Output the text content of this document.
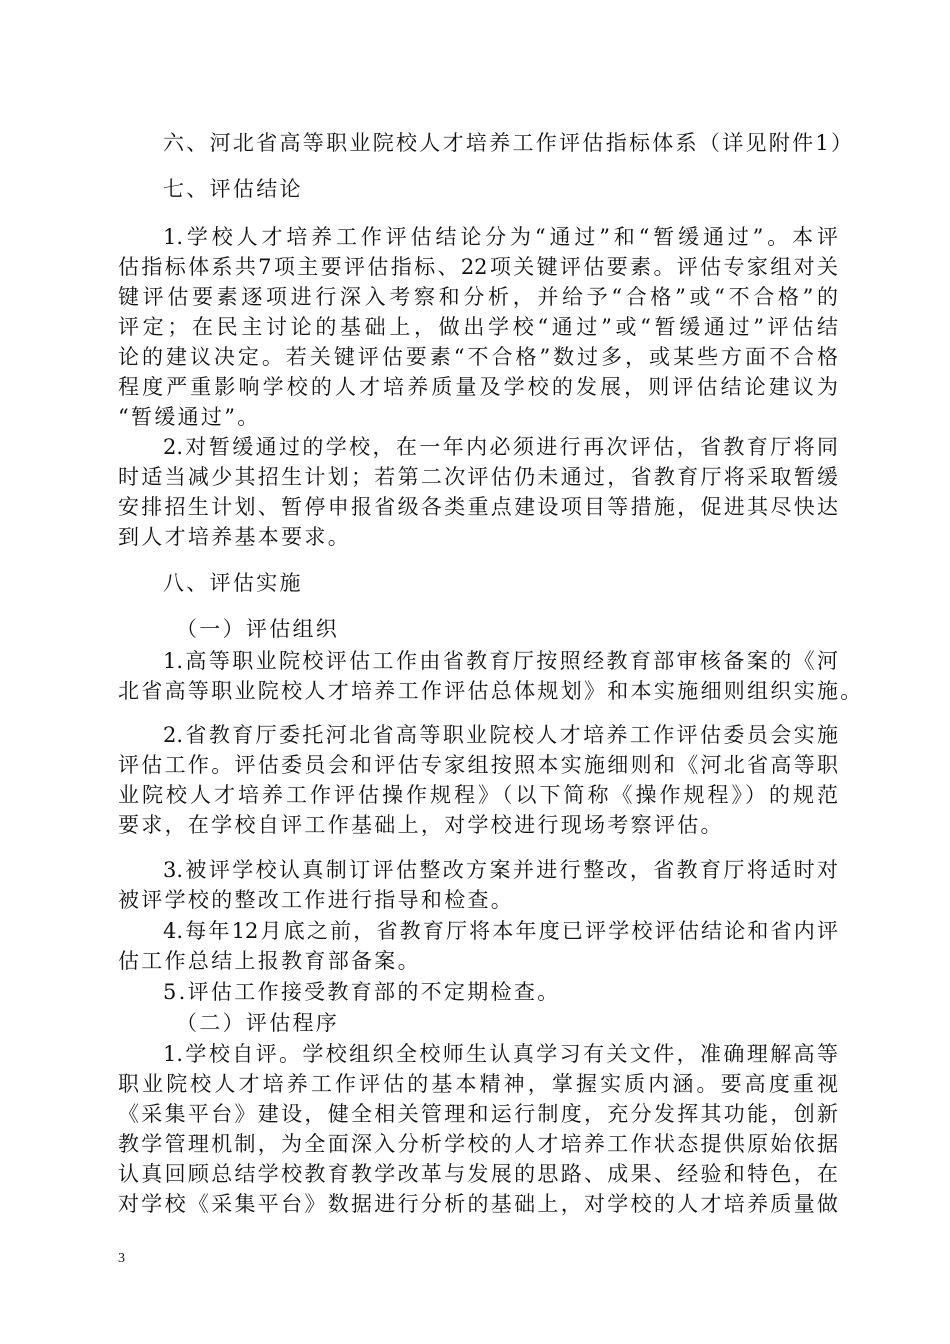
六、河北省高等职业院校人才培养工作评估指标体系（详见附件1）
七、评估结论
1.学校人才培养工作评估结论分为“通过”和“暂缓通过”。本评
估指标体系共7项主要评估指标、22项关键评估要素。评估专家组对关
键评估要素逐项进行深入考察和分析，并给予“合格”或“不合格”的
评定；在民主讨论的基础上，做出学校“通过”或“暂缓通过”评估结
论的建议决定。若关键评估要素“不合格”数过多，或某些方面不合格
程度严重影响学校的人才培养质量及学校的发展，则评估结论建议为
“暂缓通过”。
2.对暂缓通过的学校，在一年内必须进行再次评估，省教育厅将同
时适当减少其招生计划；若第二次评估仍未通过，省教育厅将采取暂缓
安排招生计划、暂停申报省级各类重点建设项目等措施，促进其尽快达
到人才培养基本要求。
八、评估实施
（一）评估组织
1.高等职业院校评估工作由省教育厅按照经教育部审核备案的《河
北省高等职业院校人才培养工作评估总体规划》和本实施细则组织实施。
2.省教育厅委托河北省高等职业院校人才培养工作评估委员会实施
评估工作。评估委员会和评估专家组按照本实施细则和《河北省高等职
业院校人才培养工作评估操作规程》（以下简称《操作规程》）的规范
要求，在学校自评工作基础上，对学校进行现场考察评估。
3.被评学校认真制订评估整改方案并进行整改，省教育厅将适时对
被评学校的整改工作进行指导和检查。
4.每年12月底之前，省教育厅将本年度已评学校评估结论和省内评
估工作总结上报教育部备案。
5.评估工作接受教育部的不定期检查。
（二）评估程序
1.学校自评。学校组织全校师生认真学习有关文件，准确理解高等
职业院校人才培养工作评估的基本精神，掌握实质内涵。要高度重视
《采集平台》建设，健全相关管理和运行制度，充分发挥其功能，创新
教学管理机制，为全面深入分析学校的人才培养工作状态提供原始依据
认真回顾总结学校教育教学改革与发展的思路、成果、经验和特色，在
对学校《采集平台》数据进行分析的基础上，对学校的人才培养质量做
3
